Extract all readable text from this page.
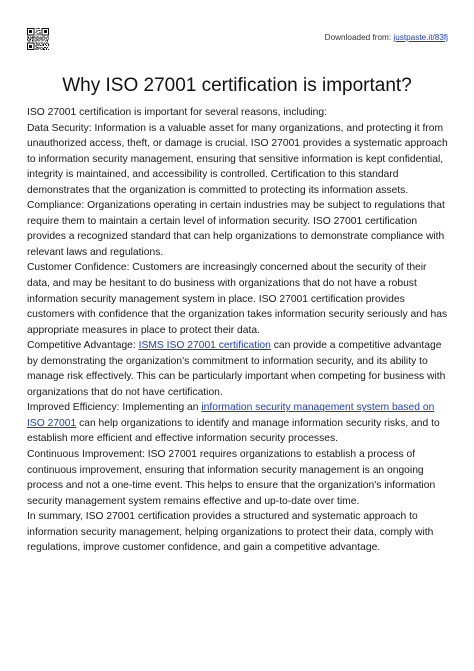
Downloaded from: justpaste.it/83fj
Why ISO 27001 certification is important?

ISO 27001 certification is important for several reasons, including:

Data Security: Information is a valuable asset for many organizations, and protecting it from unauthorized access, theft, or damage is crucial. ISO 27001 provides a systematic approach to information security management, ensuring that sensitive information is kept confidential, integrity is maintained, and accessibility is controlled. Certification to this standard demonstrates that the organization is committed to protecting its information assets.

Compliance: Organizations operating in certain industries may be subject to regulations that require them to maintain a certain level of information security. ISO 27001 certification provides a recognized standard that can help organizations to demonstrate compliance with relevant laws and regulations.

Customer Confidence: Customers are increasingly concerned about the security of their data, and may be hesitant to do business with organizations that do not have a robust information security management system in place. ISO 27001 certification provides customers with confidence that the organization takes information security seriously and has appropriate measures in place to protect their data.

Competitive Advantage: ISMS ISO 27001 certification can provide a competitive advantage by demonstrating the organization's commitment to information security, and its ability to manage risk effectively. This can be particularly important when competing for business with organizations that do not have certification.

Improved Efficiency: Implementing an information security management system based on ISO 27001 can help organizations to identify and manage information security risks, and to establish more efficient and effective information security processes.

Continuous Improvement: ISO 27001 requires organizations to establish a process of continuous improvement, ensuring that information security management is an ongoing process and not a one-time event. This helps to ensure that the organization's information security management system remains effective and up-to-date over time.

In summary, ISO 27001 certification provides a structured and systematic approach to information security management, helping organizations to protect their data, comply with regulations, improve customer confidence, and gain a competitive advantage.
